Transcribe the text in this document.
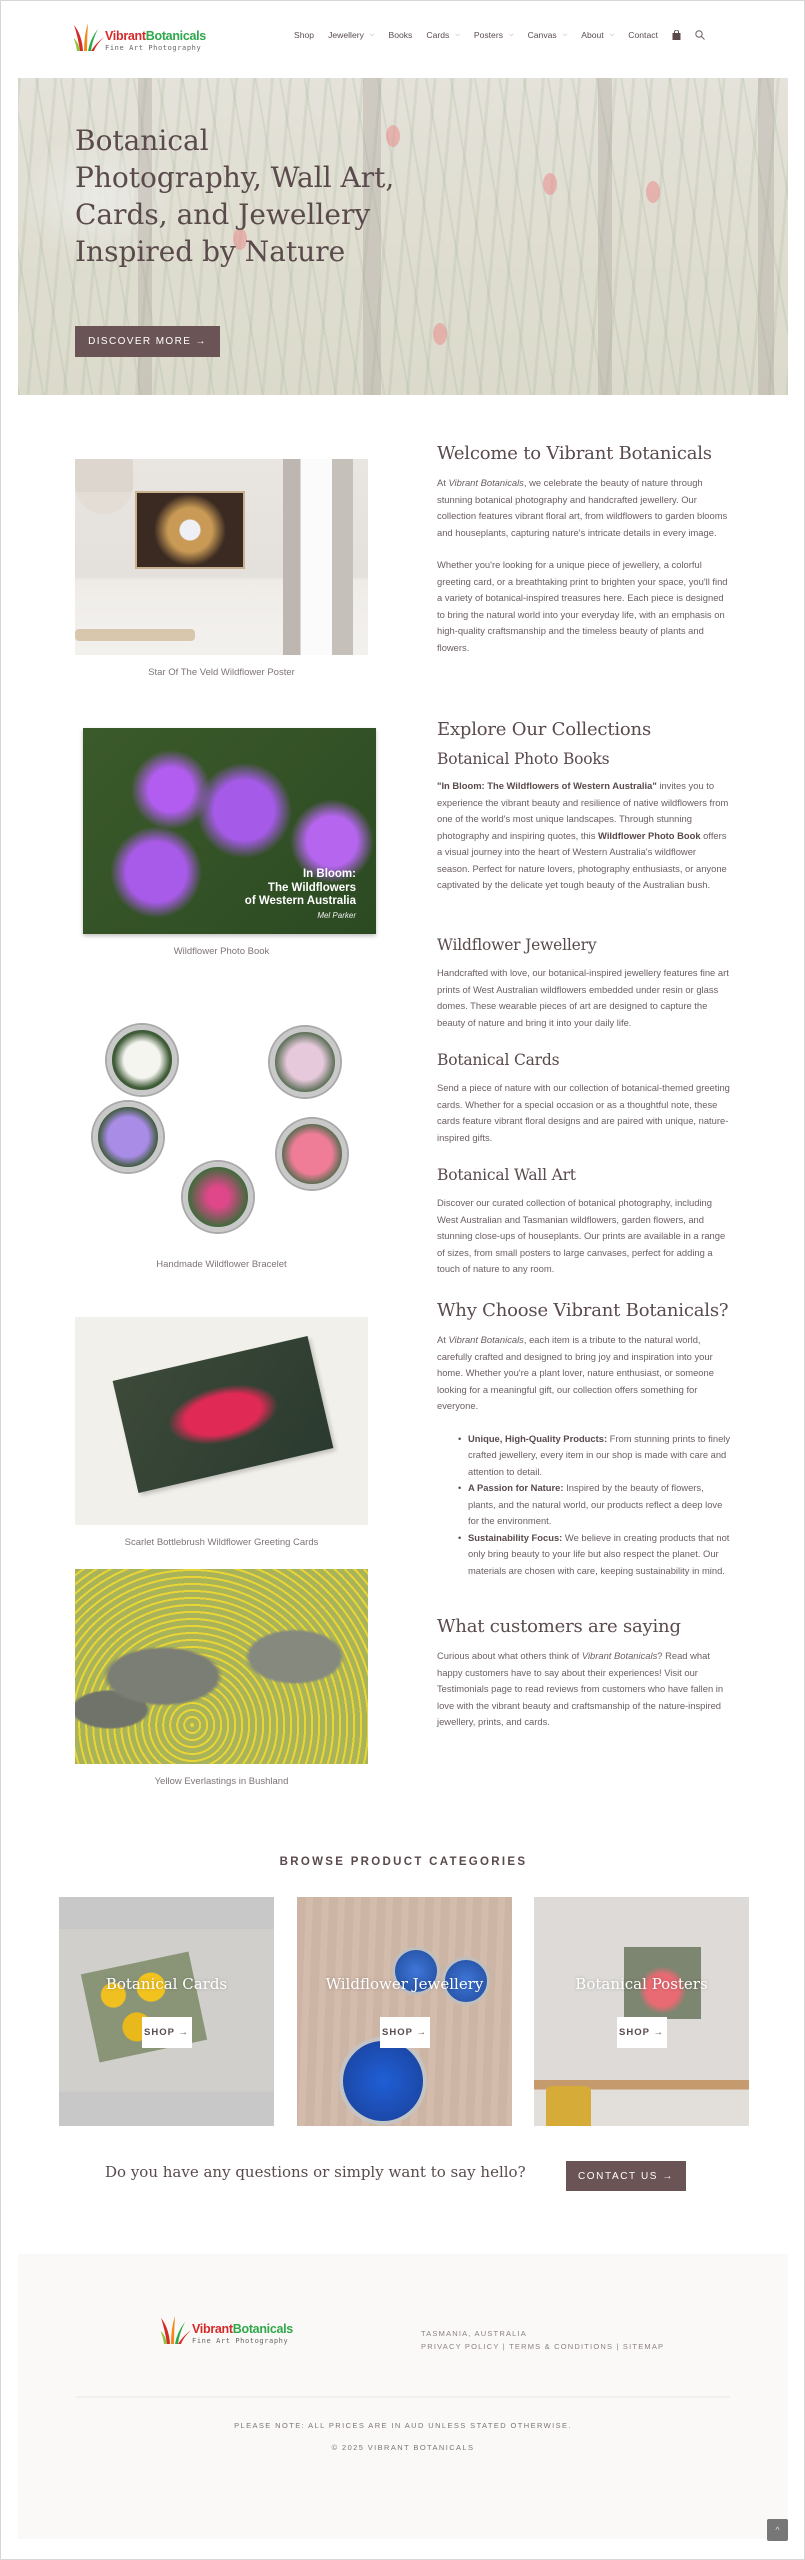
VibrantBotanicals
Fine Art Photography
Shop Jewellery ⌵ Books Cards ⌵ Posters ⌵ Canvas ⌵ About ⌵ Contact
Botanical Photography, Wall Art, Cards, and Jewellery Inspired by Nature
DISCOVER MORE →
Star Of The Veld Wildflower Poster
In Bloom:
The Wildflowers
of Western Australia
Mel Parker
Wildflower Photo Book
Handmade Wildflower Bracelet
Scarlet Bottlebrush Wildflower Greeting Cards
Yellow Everlastings in Bushland
Welcome to Vibrant Botanicals

At Vibrant Botanicals, we celebrate the beauty of nature through stunning botanical photography and handcrafted jewellery. Our collection features vibrant floral art, from wildflowers to garden blooms and houseplants, capturing nature's intricate details in every image.

Whether you're looking for a unique piece of jewellery, a colorful greeting card, or a breathtaking print to brighten your space, you'll find a variety of botanical-inspired treasures here. Each piece is designed to bring the natural world into your everyday life, with an emphasis on high-quality craftsmanship and the timeless beauty of plants and flowers.

Explore Our Collections
Botanical Photo Books

"In Bloom: The Wildflowers of Western Australia" invites you to experience the vibrant beauty and resilience of native wildflowers from one of the world's most unique landscapes. Through stunning photography and inspiring quotes, this Wildflower Photo Book offers a visual journey into the heart of Western Australia's wildflower season. Perfect for nature lovers, photography enthusiasts, or anyone captivated by the delicate yet tough beauty of the Australian bush.

Wildflower Jewellery

Handcrafted with love, our botanical-inspired jewellery features fine art prints of West Australian wildflowers embedded under resin or glass domes. These wearable pieces of art are designed to capture the beauty of nature and bring it into your daily life.

Botanical Cards

Send a piece of nature with our collection of botanical-themed greeting cards. Whether for a special occasion or as a thoughtful note, these cards feature vibrant floral designs and are paired with unique, nature-inspired gifts.

Botanical Wall Art

Discover our curated collection of botanical photography, including West Australian and Tasmanian wildflowers, garden flowers, and stunning close-ups of houseplants. Our prints are available in a range of sizes, from small posters to large canvases, perfect for adding a touch of nature to any room.

Why Choose Vibrant Botanicals?

At Vibrant Botanicals, each item is a tribute to the natural world, carefully crafted and designed to bring joy and inspiration into your home. Whether you're a plant lover, nature enthusiast, or someone looking for a meaningful gift, our collection offers something for everyone.

• Unique, High-Quality Products: From stunning prints to finely crafted jewellery, every item in our shop is made with care and attention to detail.
• A Passion for Nature: Inspired by the beauty of flowers, plants, and the natural world, our products reflect a deep love for the environment.
• Sustainability Focus: We believe in creating products that not only bring beauty to your life but also respect the planet. Our materials are chosen with care, keeping sustainability in mind.
What customers are saying

Curious about what others think of Vibrant Botanicals? Read what happy customers have to say about their experiences! Visit our Testimonials page to read reviews from customers who have fallen in love with the vibrant beauty and craftsmanship of the nature-inspired jewellery, prints, and cards.

BROWSE PRODUCT CATEGORIES
Botanical Cards
SHOP →
Wildflower Jewellery
SHOP →
Botanical Posters
SHOP →
Do you have any questions or simply want to say hello?	CONTACT US →
VibrantBotanicals
Fine Art Photography
TASMANIA, AUSTRALIA
PRIVACY POLICY | TERMS & CONDITIONS | SITEMAP
PLEASE NOTE: ALL PRICES ARE IN AUD UNLESS STATED OTHERWISE.
© 2025 VIBRANT BOTANICALS
^
